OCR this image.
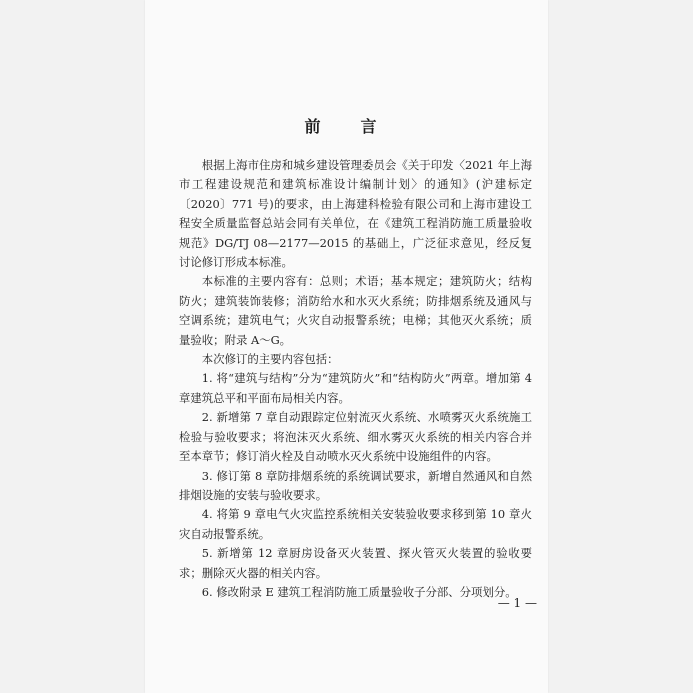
前　言

根据上海市住房和城乡建设管理委员会《关于印发〈2021 年上海市工程建设规范和建筑标准设计编制计划〉的通知》(沪建标定〔2020〕771 号)的要求，由上海建科检验有限公司和上海市建设工程安全质量监督总站会同有关单位，在《建筑工程消防施工质量验收规范》DG/TJ 08—2177—2015 的基础上，广泛征求意见，经反复讨论修订形成本标准。

本标准的主要内容有：总则；术语；基本规定；建筑防火；结构防火；建筑装饰装修；消防给水和水灭火系统；防排烟系统及通风与空调系统；建筑电气；火灾自动报警系统；电梯；其他灭火系统；质量验收；附录 A～G。

本次修订的主要内容包括：

1. 将“建筑与结构”分为“建筑防火”和“结构防火”两章。增加第 4 章建筑总平和平面布局相关内容。

2. 新增第 7 章自动跟踪定位射流灭火系统、水喷雾灭火系统施工检验与验收要求；将泡沫灭火系统、细水雾灭火系统的相关内容合并至本章节；修订消火栓及自动喷水灭火系统中设施组件的内容。

3. 修订第 8 章防排烟系统的系统调试要求，新增自然通风和自然排烟设施的安装与验收要求。

4. 将第 9 章电气火灾监控系统相关安装验收要求移到第 10 章火灾自动报警系统。

5. 新增第 12 章厨房设备灭火装置、探火管灭火装置的验收要求；删除灭火器的相关内容。

6. 修改附录 E 建筑工程消防施工质量验收子分部、分项划分。

— 1 —
